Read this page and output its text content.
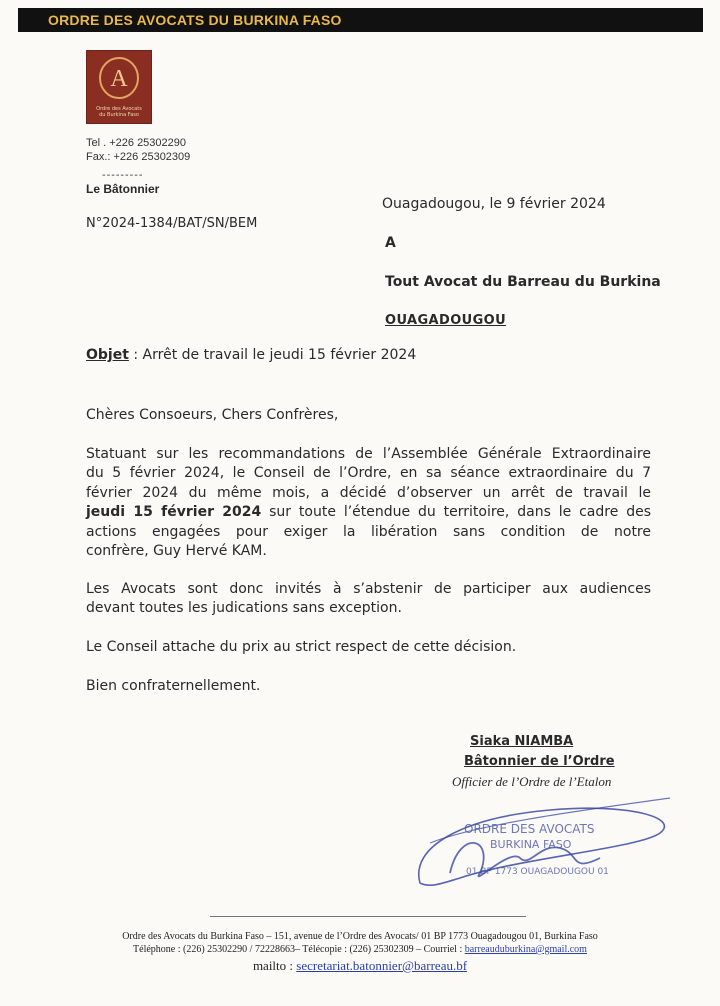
ORDRE DES AVOCATS DU BURKINA FASO
A
Ordre des Avocats
du Burkina Faso
Tel . +226 25302290
Fax.: +226 25302309
---------
Le Bâtonnier
N°2024-1384/BAT/SN/BEM
Ouagadougou, le 9 février 2024
A
Tout Avocat du Barreau du Burkina
OUAGADOUGOU
Objet : Arrêt de travail le jeudi 15 février 2024
Chères Consoeurs, Chers Confrères,
Statuant sur les recommandations de l’Assemblée Générale Extraordinaire
du 5 février 2024, le Conseil de l’Ordre, en sa séance extraordinaire du 7
février 2024 du même mois, a décidé d’observer un arrêt de travail le
jeudi 15 février 2024 sur toute l’étendue du territoire, dans le cadre des
actions engagées pour exiger la libération sans condition de notre
confrère, Guy Hervé KAM.
Les Avocats sont donc invités à s’abstenir de participer aux audiences
devant toutes les judications sans exception.
Le Conseil attache du prix au strict respect de cette décision.
Bien confraternellement.
Siaka NIAMBA
Bâtonnier de l’Ordre
Officier de l’Ordre de l’Etalon
ORDRE DES AVOCATS
BURKINA FASO
01 BP 1773 OUAGADOUGOU 01
Ordre des Avocats du Burkina Faso – 151, avenue de l’Ordre des Avocats/ 01 BP 1773 Ouagadougou 01, Burkina Faso
Téléphone : (226) 25302290 / 72228663– Télécopie : (226) 25302309 – Courriel : barreauduburkina@gmail.com
mailto : secretariat.batonnier@barreau.bf
